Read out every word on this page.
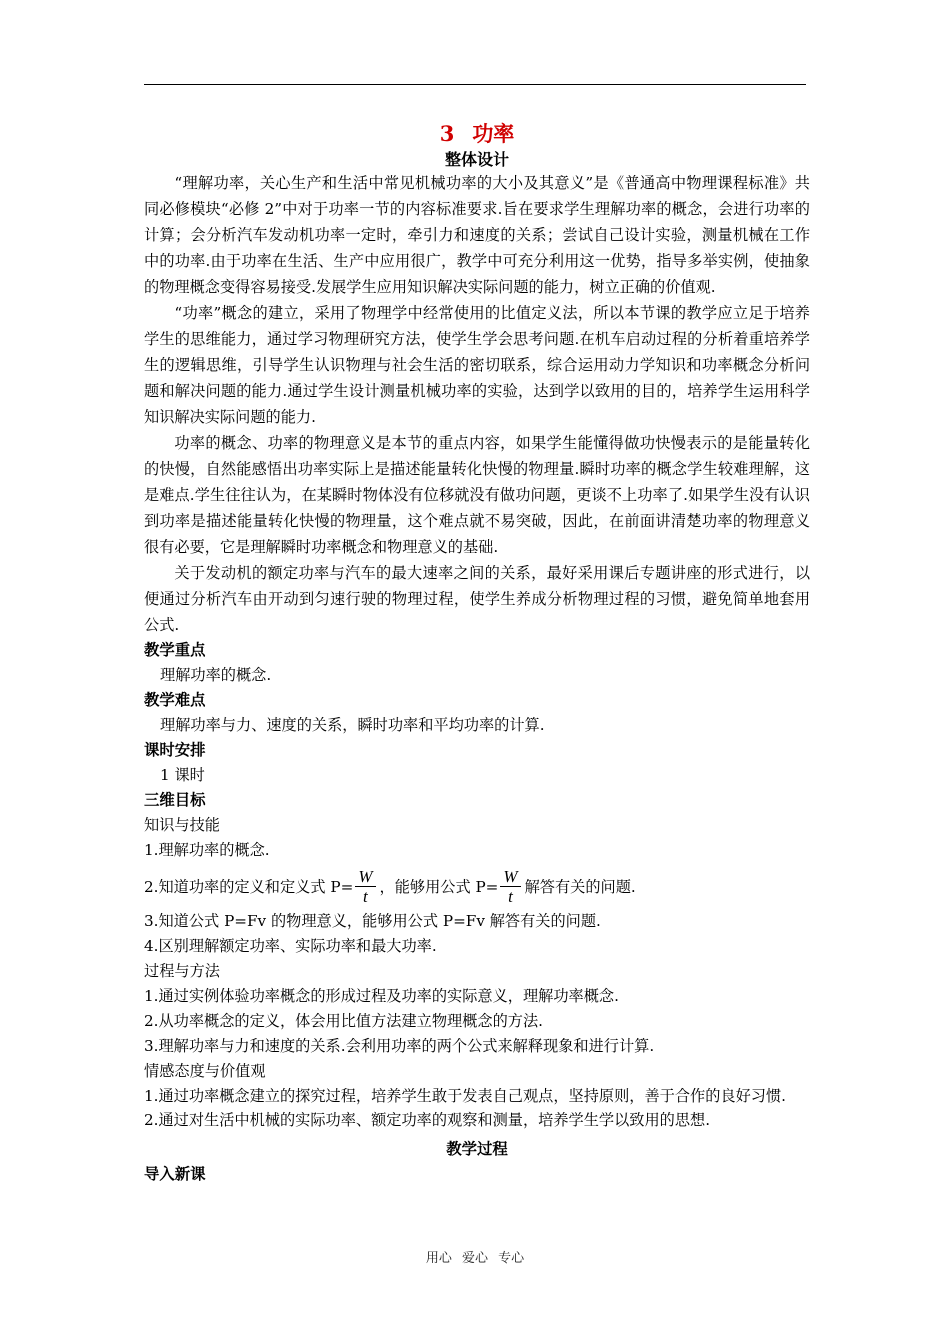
3 功率
整体设计

“理解功率，关心生产和生活中常见机械功率的大小及其意义”是《普通高中物理课程标准》共同必修模块“必修 2”中对于功率一节的内容标准要求.旨在要求学生理解功率的概念，会进行功率的计算；会分析汽车发动机功率一定时，牵引力和速度的关系；尝试自己设计实验，测量机械在工作中的功率.由于功率在生活、生产中应用很广，教学中可充分利用这一优势，指导多举实例，使抽象的物理概念变得容易接受.发展学生应用知识解决实际问题的能力，树立正确的价值观.

“功率”概念的建立，采用了物理学中经常使用的比值定义法，所以本节课的教学应立足于培养学生的思维能力，通过学习物理研究方法，使学生学会思考问题.在机车启动过程的分析着重培养学生的逻辑思维，引导学生认识物理与社会生活的密切联系，综合运用动力学知识和功率概念分析问题和解决问题的能力.通过学生设计测量机械功率的实验，达到学以致用的目的，培养学生运用科学知识解决实际问题的能力.

功率的概念、功率的物理意义是本节的重点内容，如果学生能懂得做功快慢表示的是能量转化的快慢，自然能感悟出功率实际上是描述能量转化快慢的物理量.瞬时功率的概念学生较难理解，这是难点.学生往往认为，在某瞬时物体没有位移就没有做功问题，更谈不上功率了.如果学生没有认识到功率是描述能量转化快慢的物理量，这个难点就不易突破，因此，在前面讲清楚功率的物理意义很有必要，它是理解瞬时功率概念和物理意义的基础.

关于发动机的额定功率与汽车的最大速率之间的关系，最好采用课后专题讲座的形式进行，以便通过分析汽车由开动到匀速行驶的物理过程，使学生养成分析物理过程的习惯，避免简单地套用公式.

教学重点

理解功率的概念.

教学难点

理解功率与力、速度的关系，瞬时功率和平均功率的计算.

课时安排

1 课时

三维目标

知识与技能

1.理解功率的概念.

2.知道功率的定义和定义式 $P= \frac{W}{t}$ ，能够用公式 $P= \frac{W}{t}$ 解答有关的问题.

3.知道公式 P=Fv 的物理意义，能够用公式 P=Fv 解答有关的问题.

4.区别理解额定功率、实际功率和最大功率.

过程与方法

1.通过实例体验功率概念的形成过程及功率的实际意义，理解功率概念.

2.从功率概念的定义，体会用比值方法建立物理概念的方法.

3.理解功率与力和速度的关系.会利用功率的两个公式来解释现象和进行计算.

情感态度与价值观

1.通过功率概念建立的探究过程，培养学生敢于发表自己观点，坚持原则，善于合作的良好习惯.

2.通过对生活中机械的实际功率、额定功率的观察和测量，培养学生学以致用的思想.

教学过程

导入新课

用心 爱心 专心
